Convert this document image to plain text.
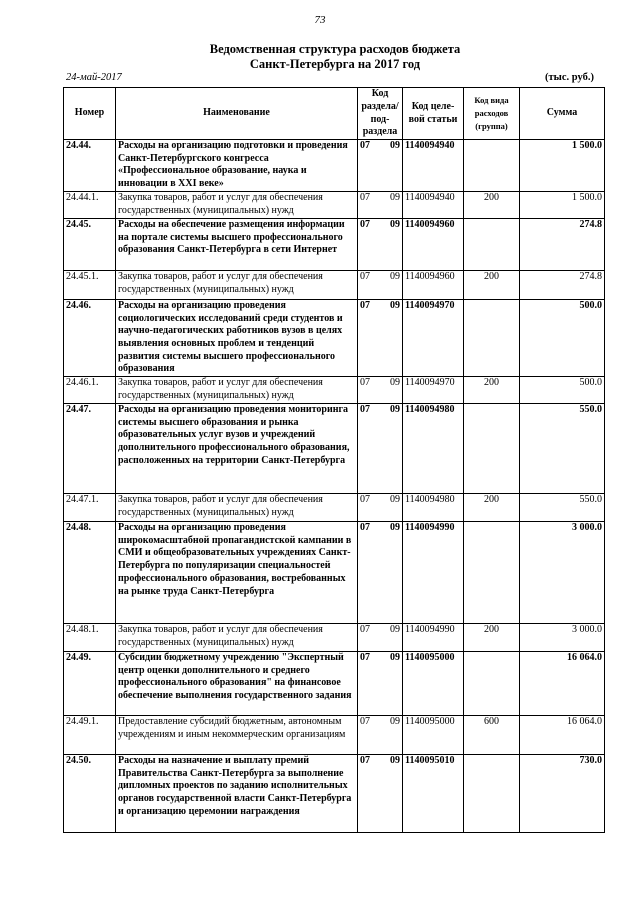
73
Ведомственная структура расходов бюджета
Санкт-Петербурга на 2017 год
24-май-2017	(тыс. руб.)
Номер	Наименование	Код раздела/ под- раздела	Код целе- вой статьи	Код вида расходов (группа)	Сумма
24.44.	Расходы на организацию подготовки и проведения Санкт-Петербургского конгресса «Профессиональное образование, наука и инновации в XXI веке»	07 09	1140094940		1 500.0
24.44.1.	Закупка товаров, работ и услуг для обеспечения государственных (муниципальных) нужд	07 09	1140094940	200	1 500.0
24.45.	Расходы на обеспечение размещения информации на порталe системы высшего профессионального образования Санкт-Петербурга в сети Интернет	07 09	1140094960		274.8
24.45.1.	Закупка товаров, работ и услуг для обеспечения государственных (муниципальных) нужд	07 09	1140094960	200	274.8
24.46.	Расходы на организацию проведения социологических исследований среди студентов и научно-педагогических работников вузов в целях выявления основных проблем и тенденций развития системы высшего профессионального образования	07 09	1140094970		500.0
24.46.1.	Закупка товаров, работ и услуг для обеспечения государственных (муниципальных) нужд	07 09	1140094970	200	500.0
24.47.	Расходы на организацию проведения мониторинга системы высшего образования и рынка образовательных услуг вузов и учреждений дополнительного профессионального образования, расположенных на территории Санкт-Петербурга	07 09	1140094980		550.0
24.47.1.	Закупка товаров, работ и услуг для обеспечения государственных (муниципальных) нужд	07 09	1140094980	200	550.0
24.48.	Расходы на организацию проведения широкомасштабной пропагандистской кампании в СМИ и общеобразовательных учреждениях Санкт-Петербурга по популяризации специальностей профессионального образования, востребованных на рынке труда Санкт-Петербурга	07 09	1140094990		3 000.0
24.48.1.	Закупка товаров, работ и услуг для обеспечения государственных (муниципальных) нужд	07 09	1140094990	200	3 000.0
24.49.	Субсидии бюджетному учреждению "Экспертный центр оценки дополнительного и среднего профессионального образования" на финансовое обеспечение выполнения государственного задания	07 09	1140095000		16 064.0
24.49.1.	Предоставление субсидий бюджетным, автономным учреждениям и иным некоммерческим организациям	07 09	1140095000	600	16 064.0
24.50.	Расходы на назначение и выплату премий Правительства Санкт-Петербурга за выполнение дипломных проектов по заданию исполнительных органов государственной власти Санкт-Петербурга и организацию церемонии награждения	07 09	1140095010		730.0
